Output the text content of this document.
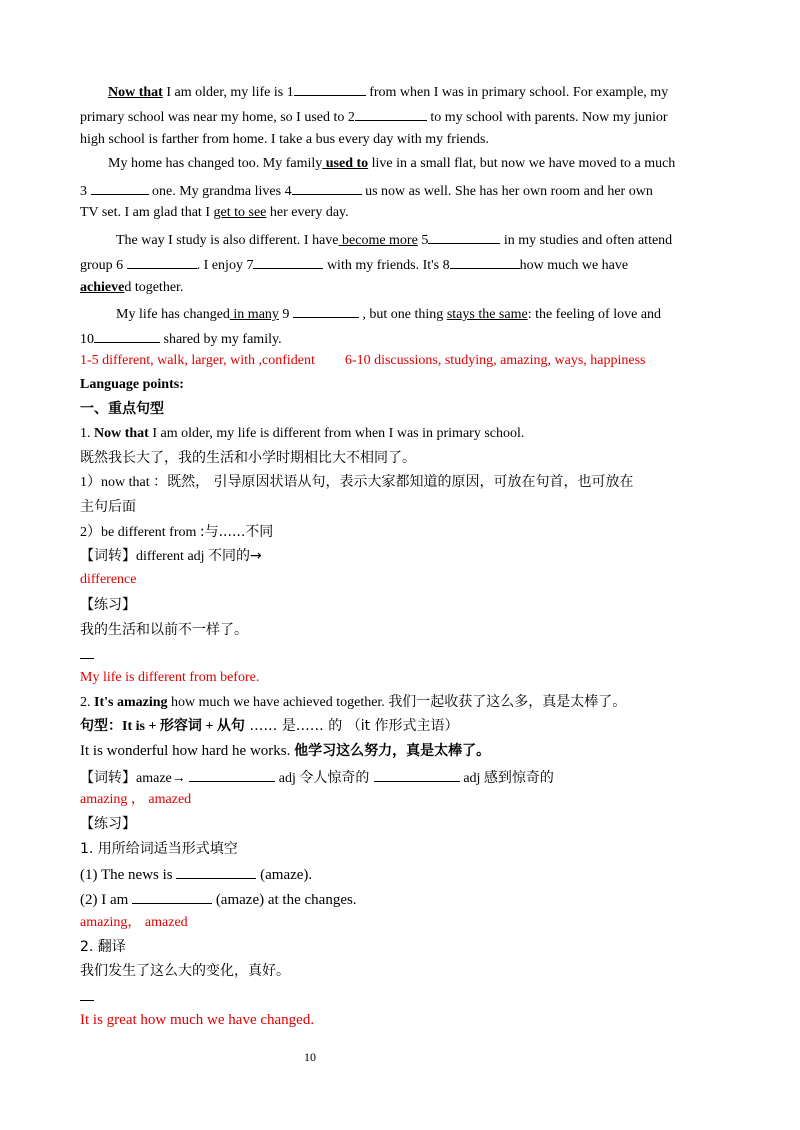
Now that I am older, my life is 1	from when I was in primary school. For example, my
primary school was near my home, so I used to 2	to my school with parents. Now my junior
high school is farther from home. I take a bus every day with my friends.
My home has changed too. My family used to live in a small flat, but now we have moved to a much
3	one. My grandma lives 4	us now as well. She has her own room and her own
TV set. I am glad that I get to see her every day.
The way I study is also different. I have become more 5	in my studies and often attend
group 6	. I enjoy 7	with my friends. It's 8	how much we have
achieved together.
My life has changed in many 9	, but one thing stays the same: the feeling of love and
10	shared by my family.
1-5 different, walk, larger, with ,confident 6-10 discussions, studying, amazing, ways, happiness
Language points:
一、重点句型
1. Now that I am older, my life is different from when I was in primary school.
既然我长大了，我的生活和小学时期相比大不相同了。
1）now that ：既然， 引导原因状语从句，表示大家都知道的原因，可放在句首，也可放在
主句后面
2）be different from :与......不同
【词转】different adj 不同的→
difference
【练习】
我的生活和以前不一样了。
My life is different from before.
2. It's amazing how much we have achieved together. 我们一起收获了这么多，真是太棒了。
句型：It is + 形容词 + 从句 …… 是…… 的 （it 作形式主语）
It is wonderful how hard he works. 他学习这么努力，真是太棒了。
【词转】amaze→	adj 令人惊奇的	adj 感到惊奇的
amazing ， amazed
【练习】
1. 用所给词适当形式填空
(1) The news is	(amaze).
(2) I am	(amaze) at the changes.
amazing， amazed
2. 翻译
我们发生了这么大的变化，真好。
It is great how much we have changed.
10
